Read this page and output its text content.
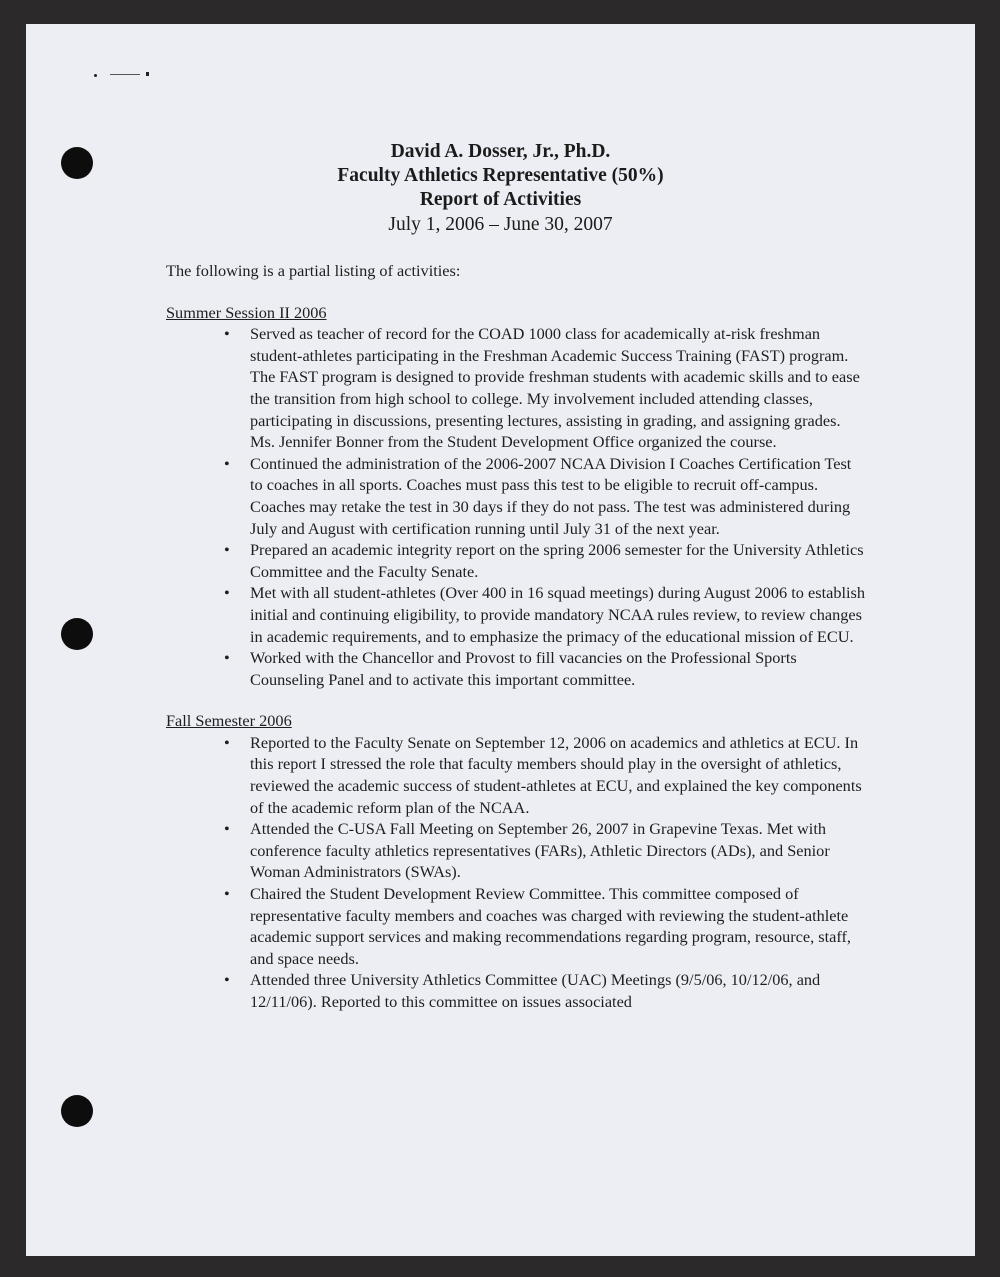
David A. Dosser, Jr., Ph.D.
Faculty Athletics Representative (50%)
Report of Activities
July 1, 2006 – June 30, 2007

The following is a partial listing of activities:

Summer Session II 2006

• Served as teacher of record for the COAD 1000 class for academically at-risk freshman student-athletes participating in the Freshman Academic Success Training (FAST) program. The FAST program is designed to provide freshman students with academic skills and to ease the transition from high school to college. My involvement included attending classes, participating in discussions, presenting lectures, assisting in grading, and assigning grades. Ms. Jennifer Bonner from the Student Development Office organized the course.
• Continued the administration of the 2006-2007 NCAA Division I Coaches Certification Test to coaches in all sports. Coaches must pass this test to be eligible to recruit off-campus. Coaches may retake the test in 30 days if they do not pass. The test was administered during July and August with certification running until July 31 of the next year.
• Prepared an academic integrity report on the spring 2006 semester for the University Athletics Committee and the Faculty Senate.
• Met with all student-athletes (Over 400 in 16 squad meetings) during August 2006 to establish initial and continuing eligibility, to provide mandatory NCAA rules review, to review changes in academic requirements, and to emphasize the primacy of the educational mission of ECU.
• Worked with the Chancellor and Provost to fill vacancies on the Professional Sports Counseling Panel and to activate this important committee.

Fall Semester 2006

• Reported to the Faculty Senate on September 12, 2006 on academics and athletics at ECU. In this report I stressed the role that faculty members should play in the oversight of athletics, reviewed the academic success of student-athletes at ECU, and explained the key components of the academic reform plan of the NCAA.
• Attended the C-USA Fall Meeting on September 26, 2007 in Grapevine Texas. Met with conference faculty athletics representatives (FARs), Athletic Directors (ADs), and Senior Woman Administrators (SWAs).
• Chaired the Student Development Review Committee. This committee composed of representative faculty members and coaches was charged with reviewing the student-athlete academic support services and making recommendations regarding program, resource, staff, and space needs.
• Attended three University Athletics Committee (UAC) Meetings (9/5/06, 10/12/06, and 12/11/06). Reported to this committee on issues associated
